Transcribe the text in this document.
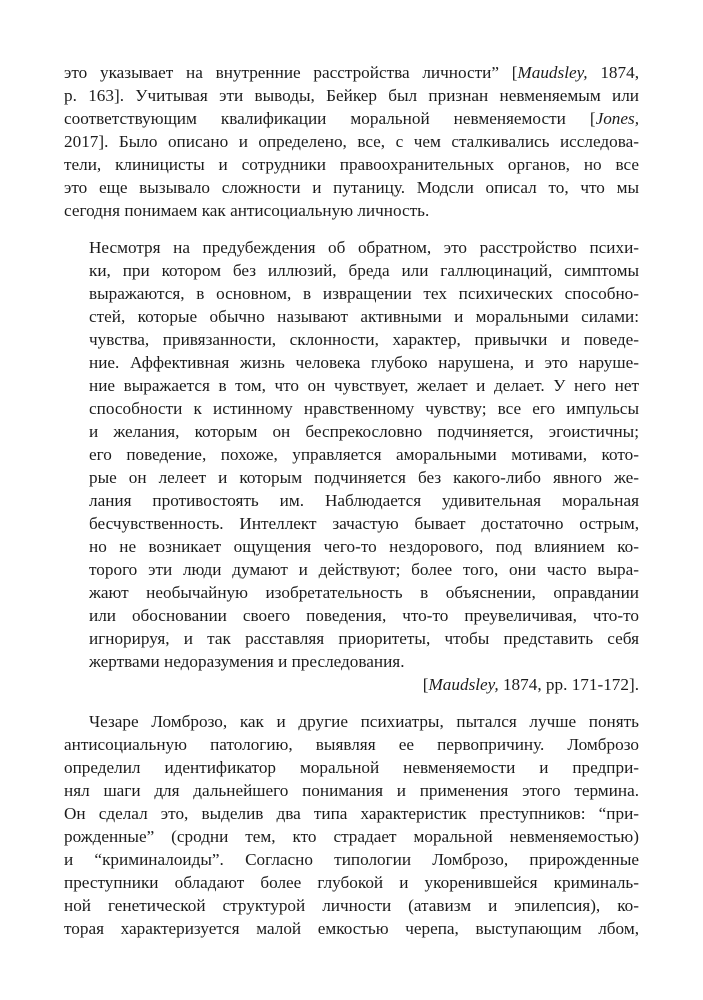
это указывает на внутренние расстройства личности” [Maudsley, 1874,
р. 163]. Учитывая эти выводы, Бейкер был признан невменяемым или
соответствующим квалификации моральной невменяемости [Jones,
2017]. Было описано и определено, все, с чем сталкивались исследова-
тели, клиницисты и сотрудники правоохранительных органов, но все
это еще вызывало сложности и путаницу. Модсли описал то, что мы
сегодня понимаем как антисоциальную личность.
Несмотря на предубеждения об обратном, это расстройство психи-
ки, при котором без иллюзий, бреда или галлюцинаций, симптомы
выражаются, в основном, в извращении тех психических способно-
стей, которые обычно называют активными и моральными силами:
чувства, привязанности, склонности, характер, привычки и поведе-
ние. Аффективная жизнь человека глубоко нарушена, и это наруше-
ние выражается в том, что он чувствует, желает и делает. У него нет
способности к истинному нравственному чувству; все его импульсы
и желания, которым он беспрекословно подчиняется, эгоистичны;
его поведение, похоже, управляется аморальными мотивами, кото-
рые он лелеет и которым подчиняется без какого-либо явного же-
лания противостоять им. Наблюдается удивительная моральная
бесчувственность. Интеллект зачастую бывает достаточно острым,
но не возникает ощущения чего-то нездорового, под влиянием ко-
торого эти люди думают и действуют; более того, они часто выра-
жают необычайную изобретательность в объяснении, оправдании
или обосновании своего поведения, что-то преувеличивая, что-то
игнорируя, и так расставляя приоритеты, чтобы представить себя
жертвами недоразумения и преследования.
[Maudsley, 1874, pp. 171-172].
Чезаре Ломброзо, как и другие психиатры, пытался лучше понять
антисоциальную патологию, выявляя ее первопричину. Ломброзо
определил идентификатор моральной невменяемости и предпри-
нял шаги для дальнейшего понимания и применения этого термина.
Он сделал это, выделив два типа характеристик преступников: “при-
рожденные” (сродни тем, кто страдает моральной невменяемостью)
и “криминалоиды”. Согласно типологии Ломброзо, прирожденные
преступники обладают более глубокой и укоренившейся криминаль-
ной генетической структурой личности (атавизм и эпилепсия), ко-
торая характеризуется малой емкостью черепа, выступающим лбом,
